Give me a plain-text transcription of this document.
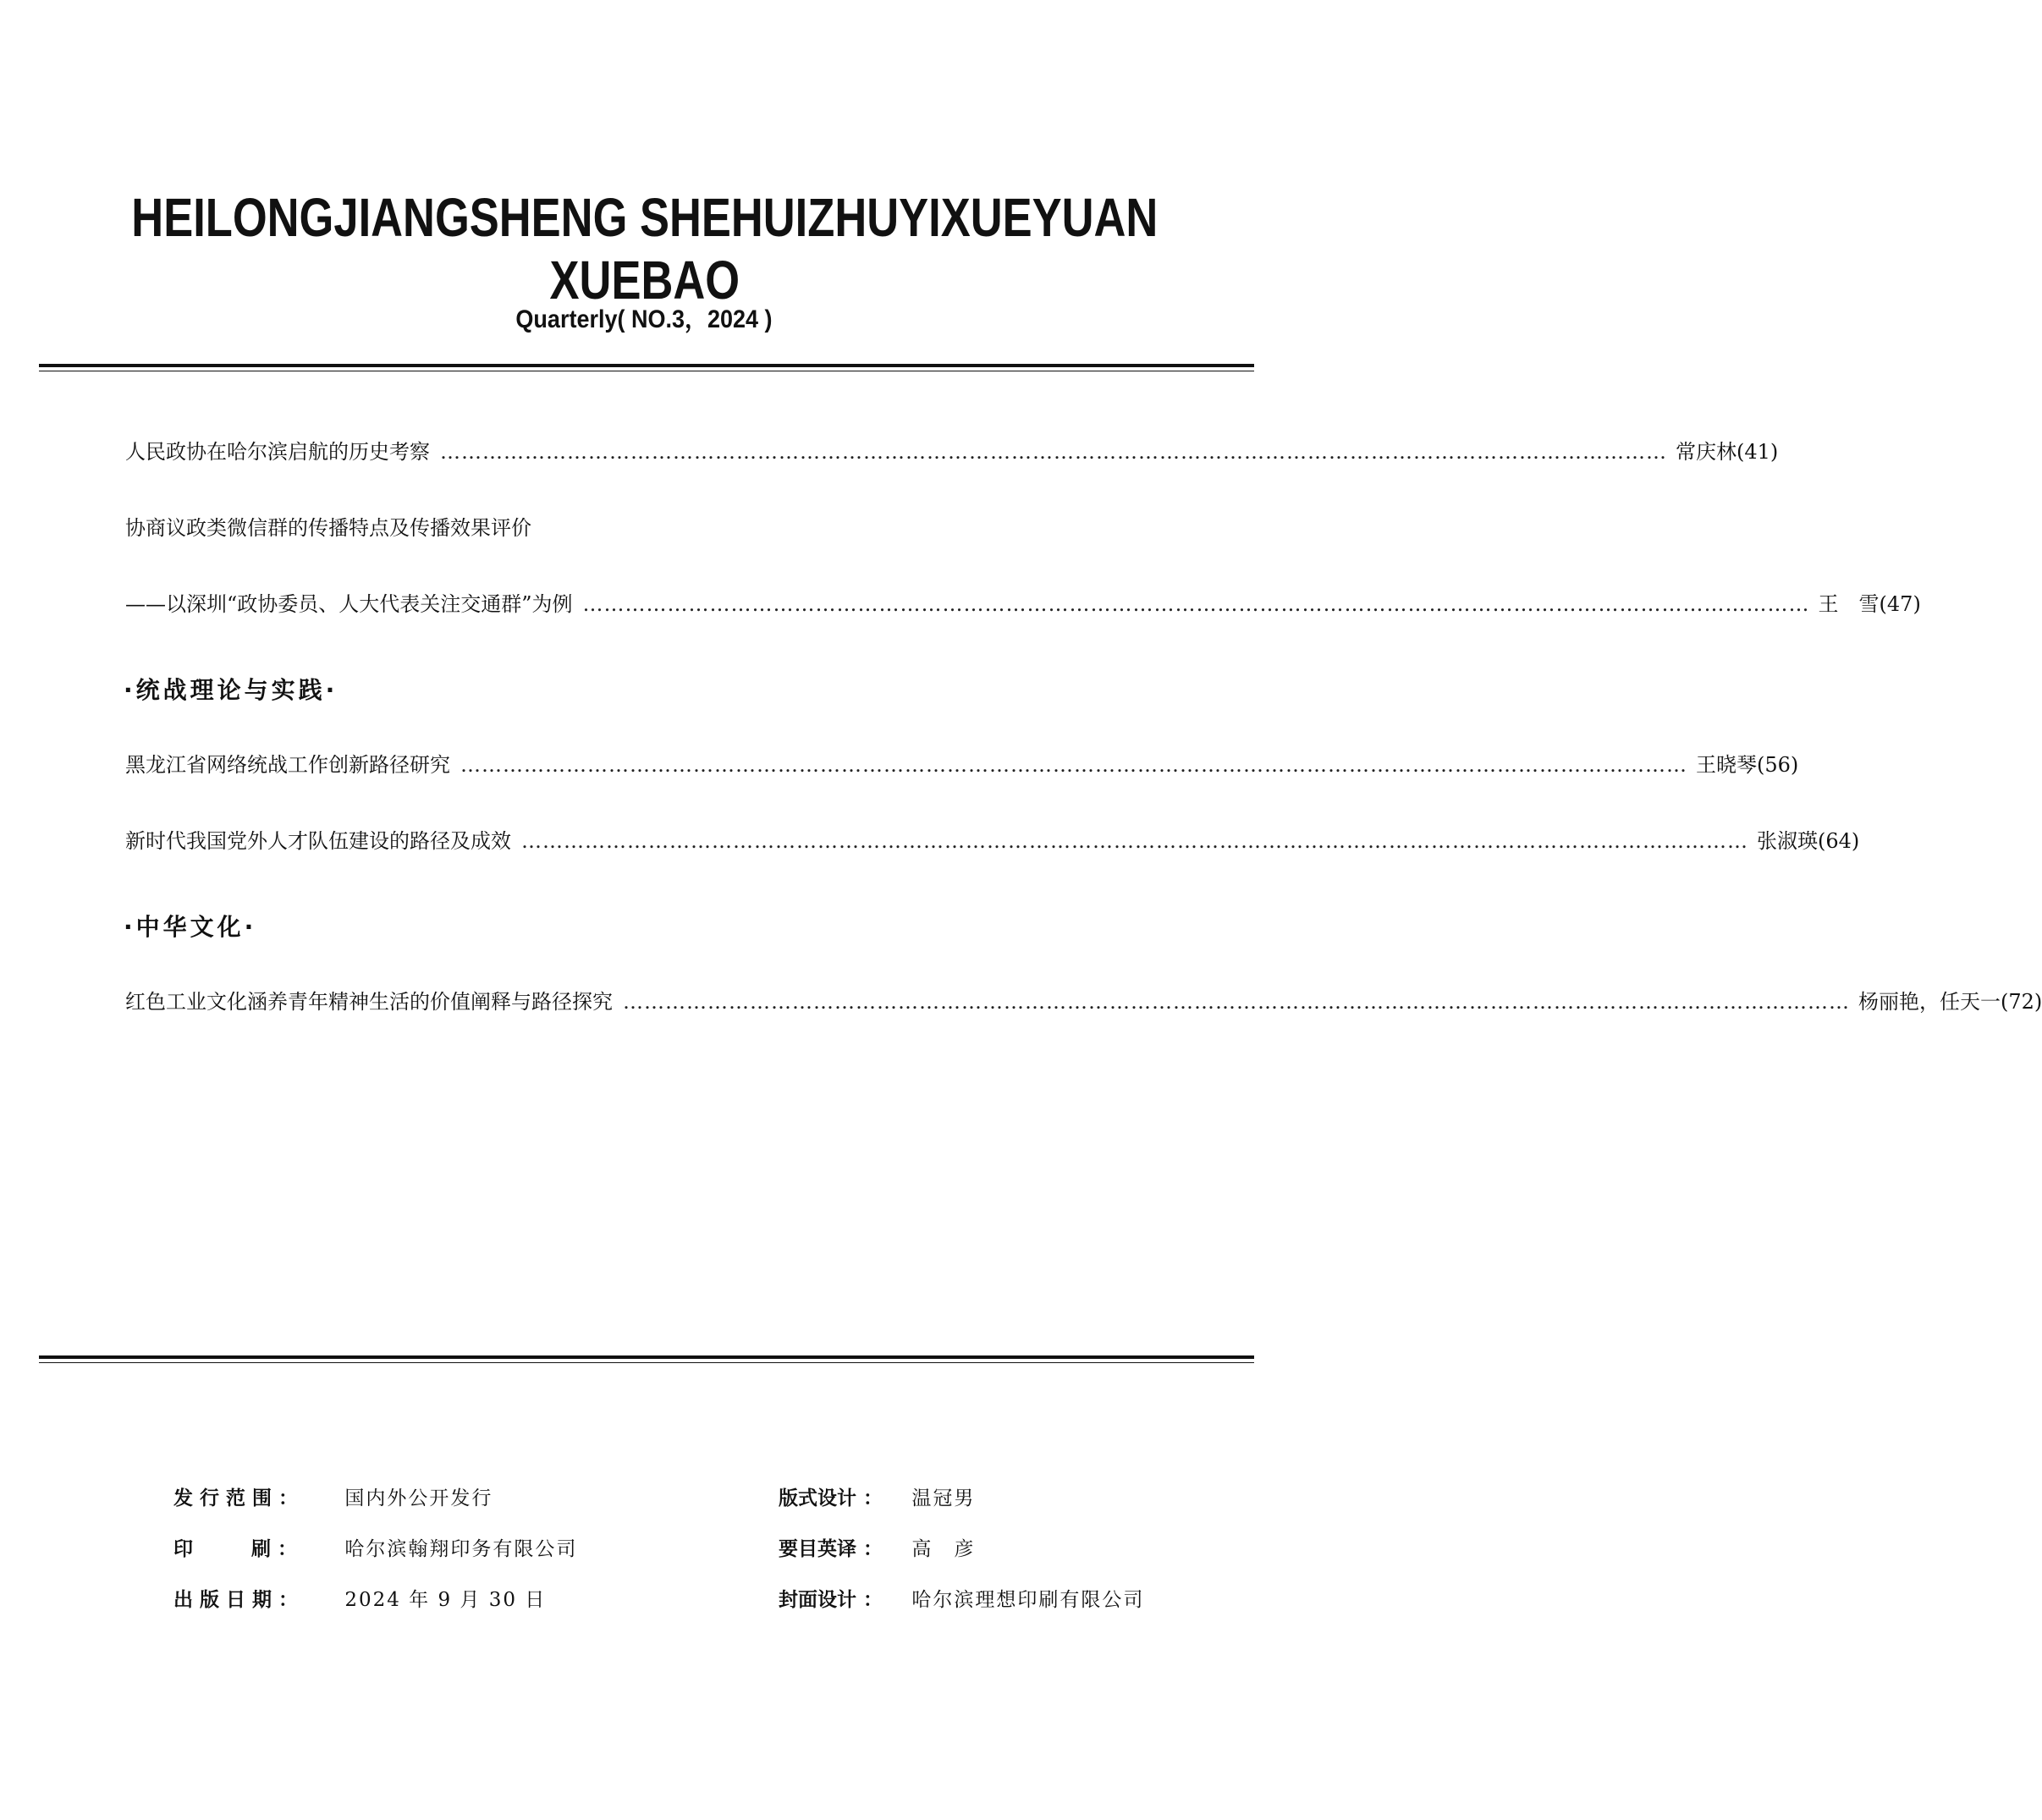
HEILONGJIANGSHENG SHEHUIZHUYIXUEYUAN XUEBAO
Quarterly( NO.3，2024 )
人民政协在哈尔滨启航的历史考察 ………………………………………………………………………………………………………………………………………………………… 常庆林(41)
协商议政类微信群的传播特点及传播效果评价
——以深圳“政协委员、人大代表关注交通群”为例 ………………………………………………………………………………………………………………………………………………………… 王　雪(47)
·统战理论与实践·
黑龙江省网络统战工作创新路径研究 ………………………………………………………………………………………………………………………………………………………… 王晓琴(56)
新时代我国党外人才队伍建设的路径及成效 ………………………………………………………………………………………………………………………………………………………… 张淑瑛(64)
·中华文化·
红色工业文化涵养青年精神生活的价值阐释与路径探究 ………………………………………………………………………………………………………………………………………………………… 杨丽艳，任天一(72)
发 行 范 围 ： 国内外公开发行
印　　　刷 ： 哈尔滨翰翔印务有限公司
出 版 日 期 ： 2024 年 9 月 30 日
版式设计 ： 温冠男
要目英译 ： 高　彦
封面设计 ： 哈尔滨理想印刷有限公司
